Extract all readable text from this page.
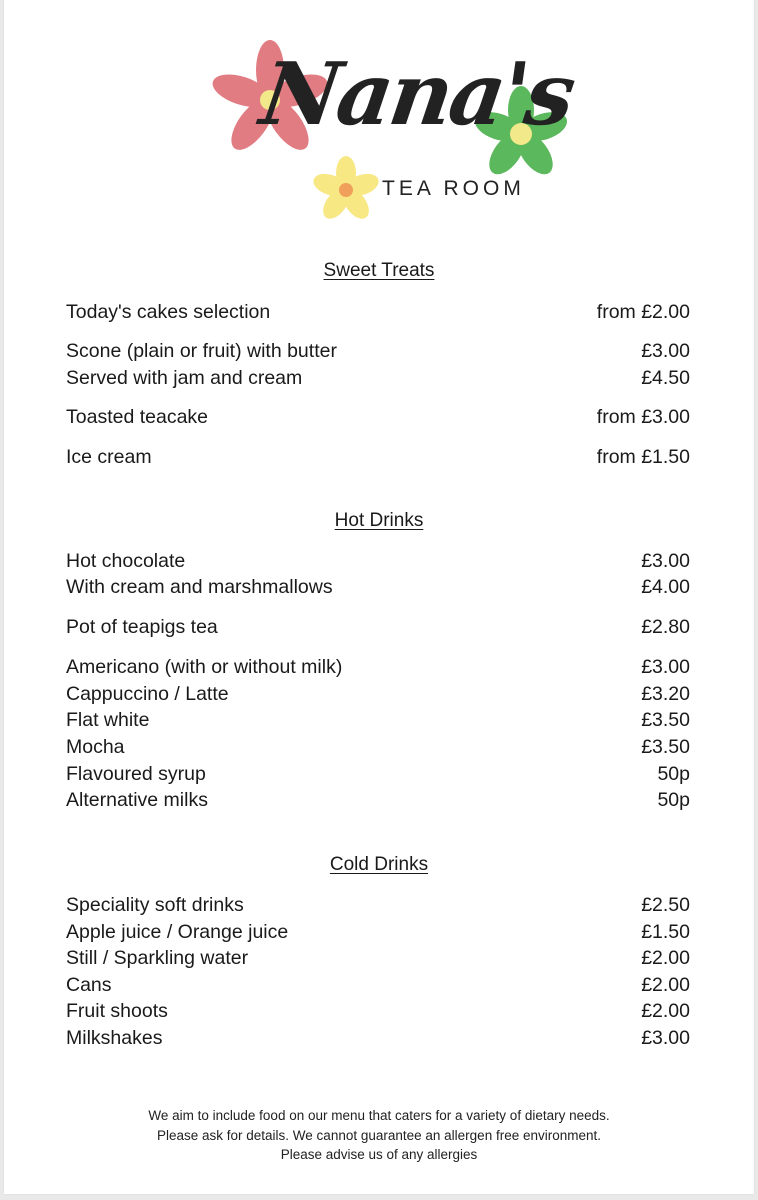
Nana's
TEA ROOM
Sweet Treats
Today's cakes selection	from £2.00
Scone (plain or fruit) with butter	£3.00
Served with jam and cream	£4.50
Toasted teacake	from £3.00
Ice cream	from £1.50
Hot Drinks
Hot chocolate	£3.00
With cream and marshmallows	£4.00
Pot of teapigs tea	£2.80
Americano (with or without milk)	£3.00
Cappuccino / Latte	£3.20
Flat white	£3.50
Mocha	£3.50
Flavoured syrup	50p
Alternative milks	50p
Cold Drinks
Speciality soft drinks	£2.50
Apple juice / Orange juice	£1.50
Still / Sparkling water	£2.00
Cans	£2.00
Fruit shoots	£2.00
Milkshakes	£3.00
We aim to include food on our menu that caters for a variety of dietary needs.
Please ask for details. We cannot guarantee an allergen free environment.
Please advise us of any allergies
